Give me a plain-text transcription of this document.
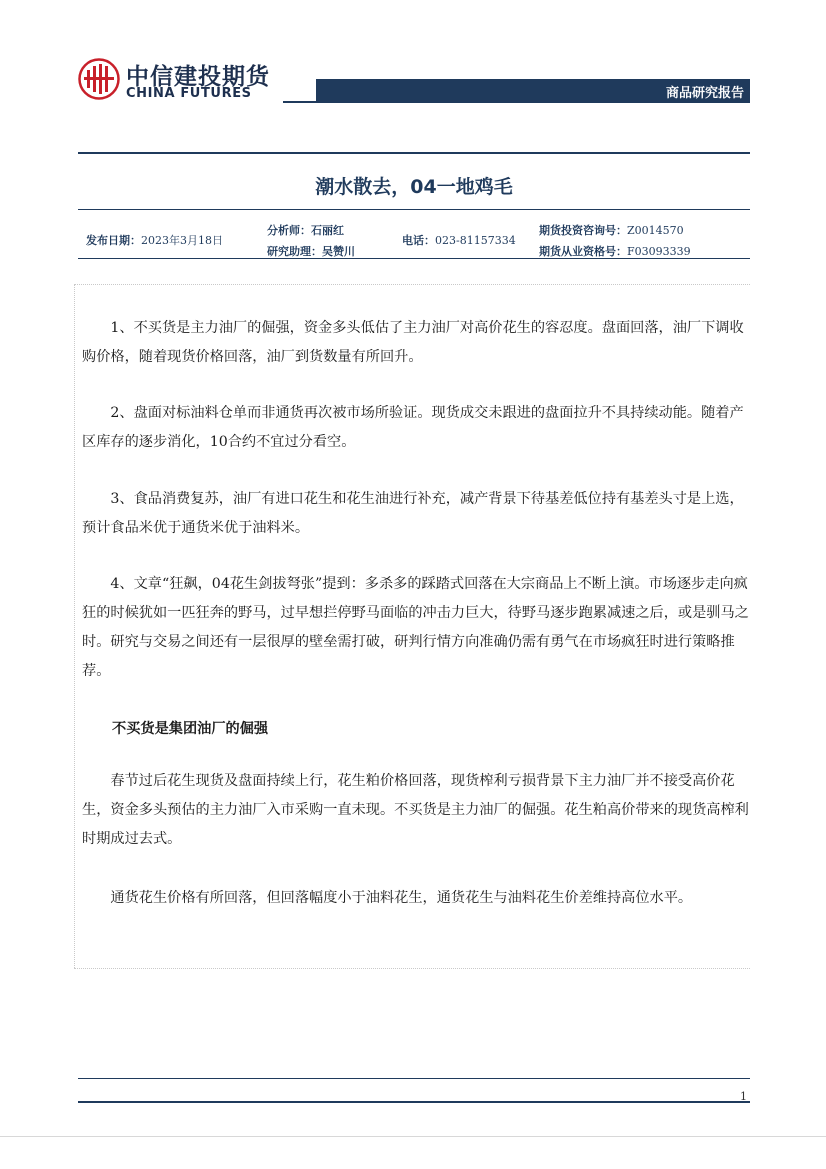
中信建投期货
CHINA FUTURES	商品研究报告
潮水散去，04一地鸡毛
发布日期：2023年3月18日
分析师：石丽红
研究助理：吴赞川
电话：023-81157334
期货投资咨询号：Z0014570
期货从业资格号：F03093339
1、不买货是主力油厂的倔强，资金多头低估了主力油厂对高价花生的容忍度。盘面回落，油厂下调收购价格，随着现货价格回落，油厂到货数量有所回升。
2、盘面对标油料仓单而非通货再次被市场所验证。现货成交未跟进的盘面拉升不具持续动能。随着产区库存的逐步消化，10合约不宜过分看空。
3、食品消费复苏，油厂有进口花生和花生油进行补充，减产背景下待基差低位持有基差头寸是上选，预计食品米优于通货米优于油料米。
4、文章“狂飙，04花生剑拔弩张”提到：多杀多的踩踏式回落在大宗商品上不断上演。市场逐步走向疯狂的时候犹如一匹狂奔的野马，过早想拦停野马面临的冲击力巨大，待野马逐步跑累减速之后，或是驯马之时。研究与交易之间还有一层很厚的壁垒需打破，研判行情方向准确仍需有勇气在市场疯狂时进行策略推荐。
不买货是集团油厂的倔强
春节过后花生现货及盘面持续上行，花生粕价格回落，现货榨利亏损背景下主力油厂并不接受高价花生，资金多头预估的主力油厂入市采购一直未现。不买货是主力油厂的倔强。花生粕高价带来的现货高榨利时期成过去式。
通货花生价格有所回落，但回落幅度小于油料花生，通货花生与油料花生价差维持高位水平。
1
